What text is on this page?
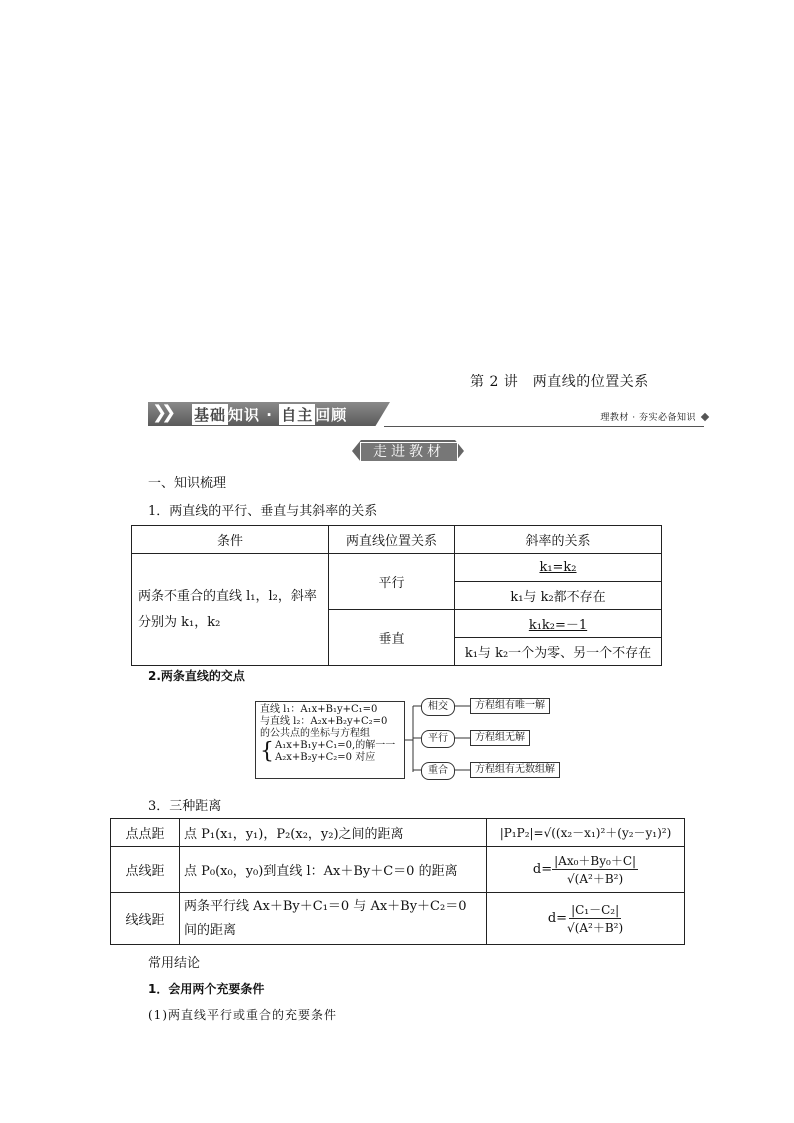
第 2 讲　两直线的位置关系
❯❯ 基础 知识 · 自主 回顾	理教材 · 夯实必备知识
走进教材
一、知识梳理
1．两直线的平行、垂直与其斜率的关系
条件	两直线位置关系	斜率的关系
两条不重合的直线 l₁，l₂，斜率分别为 k₁，k₂	平行	k₁=k₂
		k₁与 k₂都不存在
	垂直	k₁k₂=－1
		k₁与 k₂一个为零、另一个不存在
2.两条直线的交点
直线 l₁：A₁x+B₁y+C₁=0
与直线 l₂：A₂x+B₂y+C₂=0
的公共点的坐标与方程组
{ A₁x+B₁y+C₁=0,
A₂x+B₂y+C₂=0
的解一一对应
相交
平行
重合
方程组有唯一解
方程组无解
方程组有无数组解
3．三种距离
点点距	点 P₁(x₁，y₁)，P₂(x₂，y₂)之间的距离	|P₁P₂|=√((x₂－x₁)²＋(y₂－y₁)²)
点线距	点 P₀(x₀，y₀)到直线 l：Ax＋By＋C＝0 的距离	$d= \frac{\text{|Ax₀＋By₀＋C|}}{\text{√(A²＋B²)}}$

线线距	两条平行线 Ax＋By＋C₁＝0 与 Ax＋By＋C₂＝0 间的距离	$d= \frac{\text{|C₁－C₂|}}{\text{√(A²＋B²)}}$
常用结论
1．会用两个充要条件
(1)两直线平行或重合的充要条件
